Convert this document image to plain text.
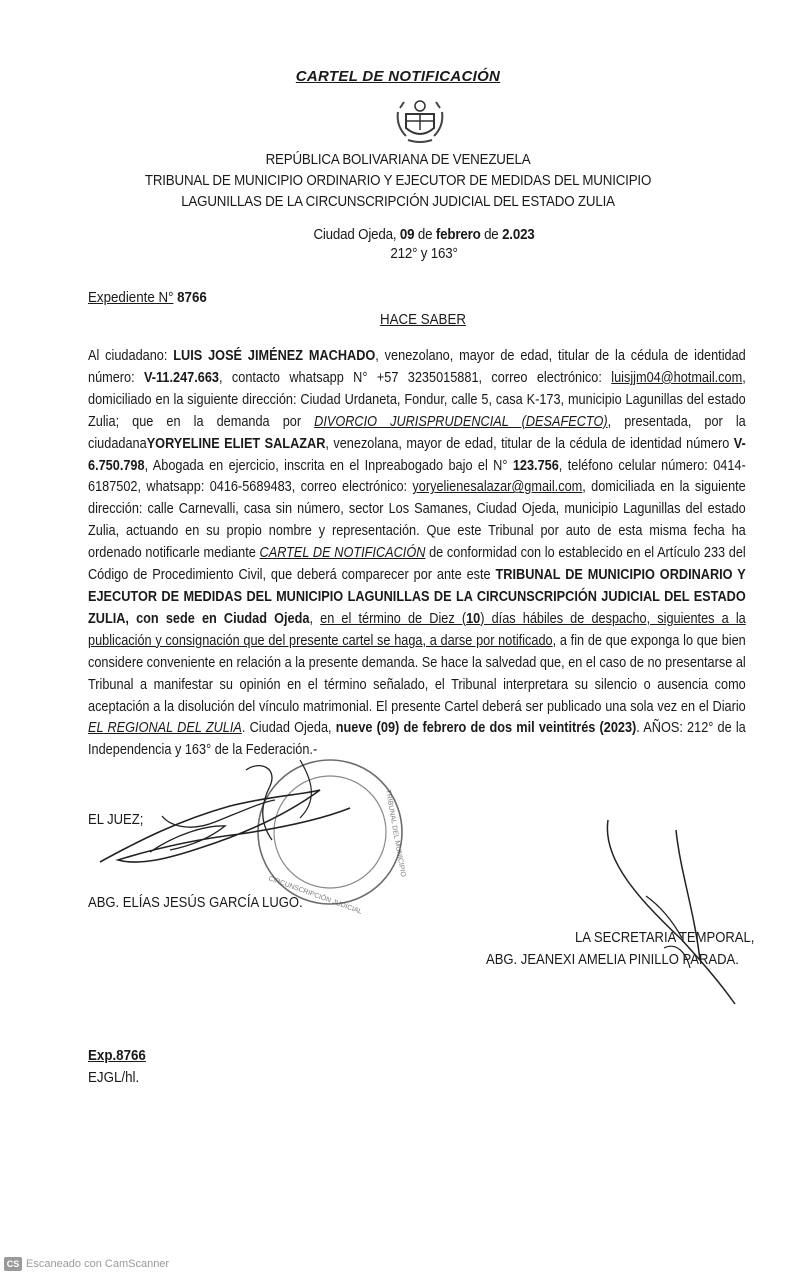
CARTEL DE NOTIFICACIÓN
REPÚBLICA BOLIVARIANA DE VENEZUELA
TRIBUNAL DE MUNICIPIO ORDINARIO Y EJECUTOR DE MEDIDAS DEL MUNICIPIO
LAGUNILLAS DE LA CIRCUNSCRIPCIÓN JUDICIAL DEL ESTADO ZULIA
Ciudad Ojeda, 09 de febrero de 2.023
212° y 163°
Expediente N° 8766
HACE SABER
Al ciudadano: LUIS JOSÉ JIMÉNEZ MACHADO, venezolano, mayor de edad, titular de la cédula de identidad número: V-11.247.663, contacto whatsapp N° +57 3235015881, correo electrónico: luisjjm04@hotmail.com, domiciliado en la siguiente dirección: Ciudad Urdaneta, Fondur, calle 5, casa K-173, municipio Lagunillas del estado Zulia; que en la demanda por DIVORCIO JURISPRUDENCIAL (DESAFECTO), presentada, por la ciudadanaYORYELINE ELIET SALAZAR, venezolana, mayor de edad, titular de la cédula de identidad número V-6.750.798, Abogada en ejercicio, inscrita en el Inpreabogado bajo el N° 123.756, teléfono celular número: 0414-6187502, whatsapp: 0416-5689483, correo electrónico: yoryelienesalazar@gmail.com, domiciliada en la siguiente dirección: calle Carnevalli, casa sin número, sector Los Samanes, Ciudad Ojeda, municipio Lagunillas del estado Zulia, actuando en su propio nombre y representación. Que este Tribunal por auto de esta misma fecha ha ordenado notificarle mediante CARTEL DE NOTIFICACIÓN de conformidad con lo establecido en el Artículo 233 del Código de Procedimiento Civil, que deberá comparecer por ante este TRIBUNAL DE MUNICIPIO ORDINARIO Y EJECUTOR DE MEDIDAS DEL MUNICIPIO LAGUNILLAS DE LA CIRCUNSCRIPCIÓN JUDICIAL DEL ESTADO ZULIA, con sede en Ciudad Ojeda, en el término de Diez (10) días hábiles de despacho, siguientes a la publicación y consignación que del presente cartel se haga, a darse por notificado, a fin de que exponga lo que bien considere conveniente en relación a la presente demanda. Se hace la salvedad que, en el caso de no presentarse al Tribunal a manifestar su opinión en el término señalado, el Tribunal interpretara su silencio o ausencia como aceptación a la disolución del vínculo matrimonial. El presente Cartel deberá ser publicado una sola vez en el Diario EL REGIONAL DEL ZULIA. Ciudad Ojeda, nueve (09) de febrero de dos mil veintitrés (2023). AÑOS: 212° de la Independencia y 163° de la Federación.-
EL JUEZ;	TRIBUNAL DEL MUNICIPIO
CIRCUNSCRIPCIÓN JUDICIAL
ABG. ELÍAS JESÚS GARCÍA LUGO.
LA SECRETARIA TEMPORAL,
ABG. JEANEXI AMELIA PINILLO PARADA.
Exp.8766
EJGL/hl.
CS Escaneado con CamScanner
